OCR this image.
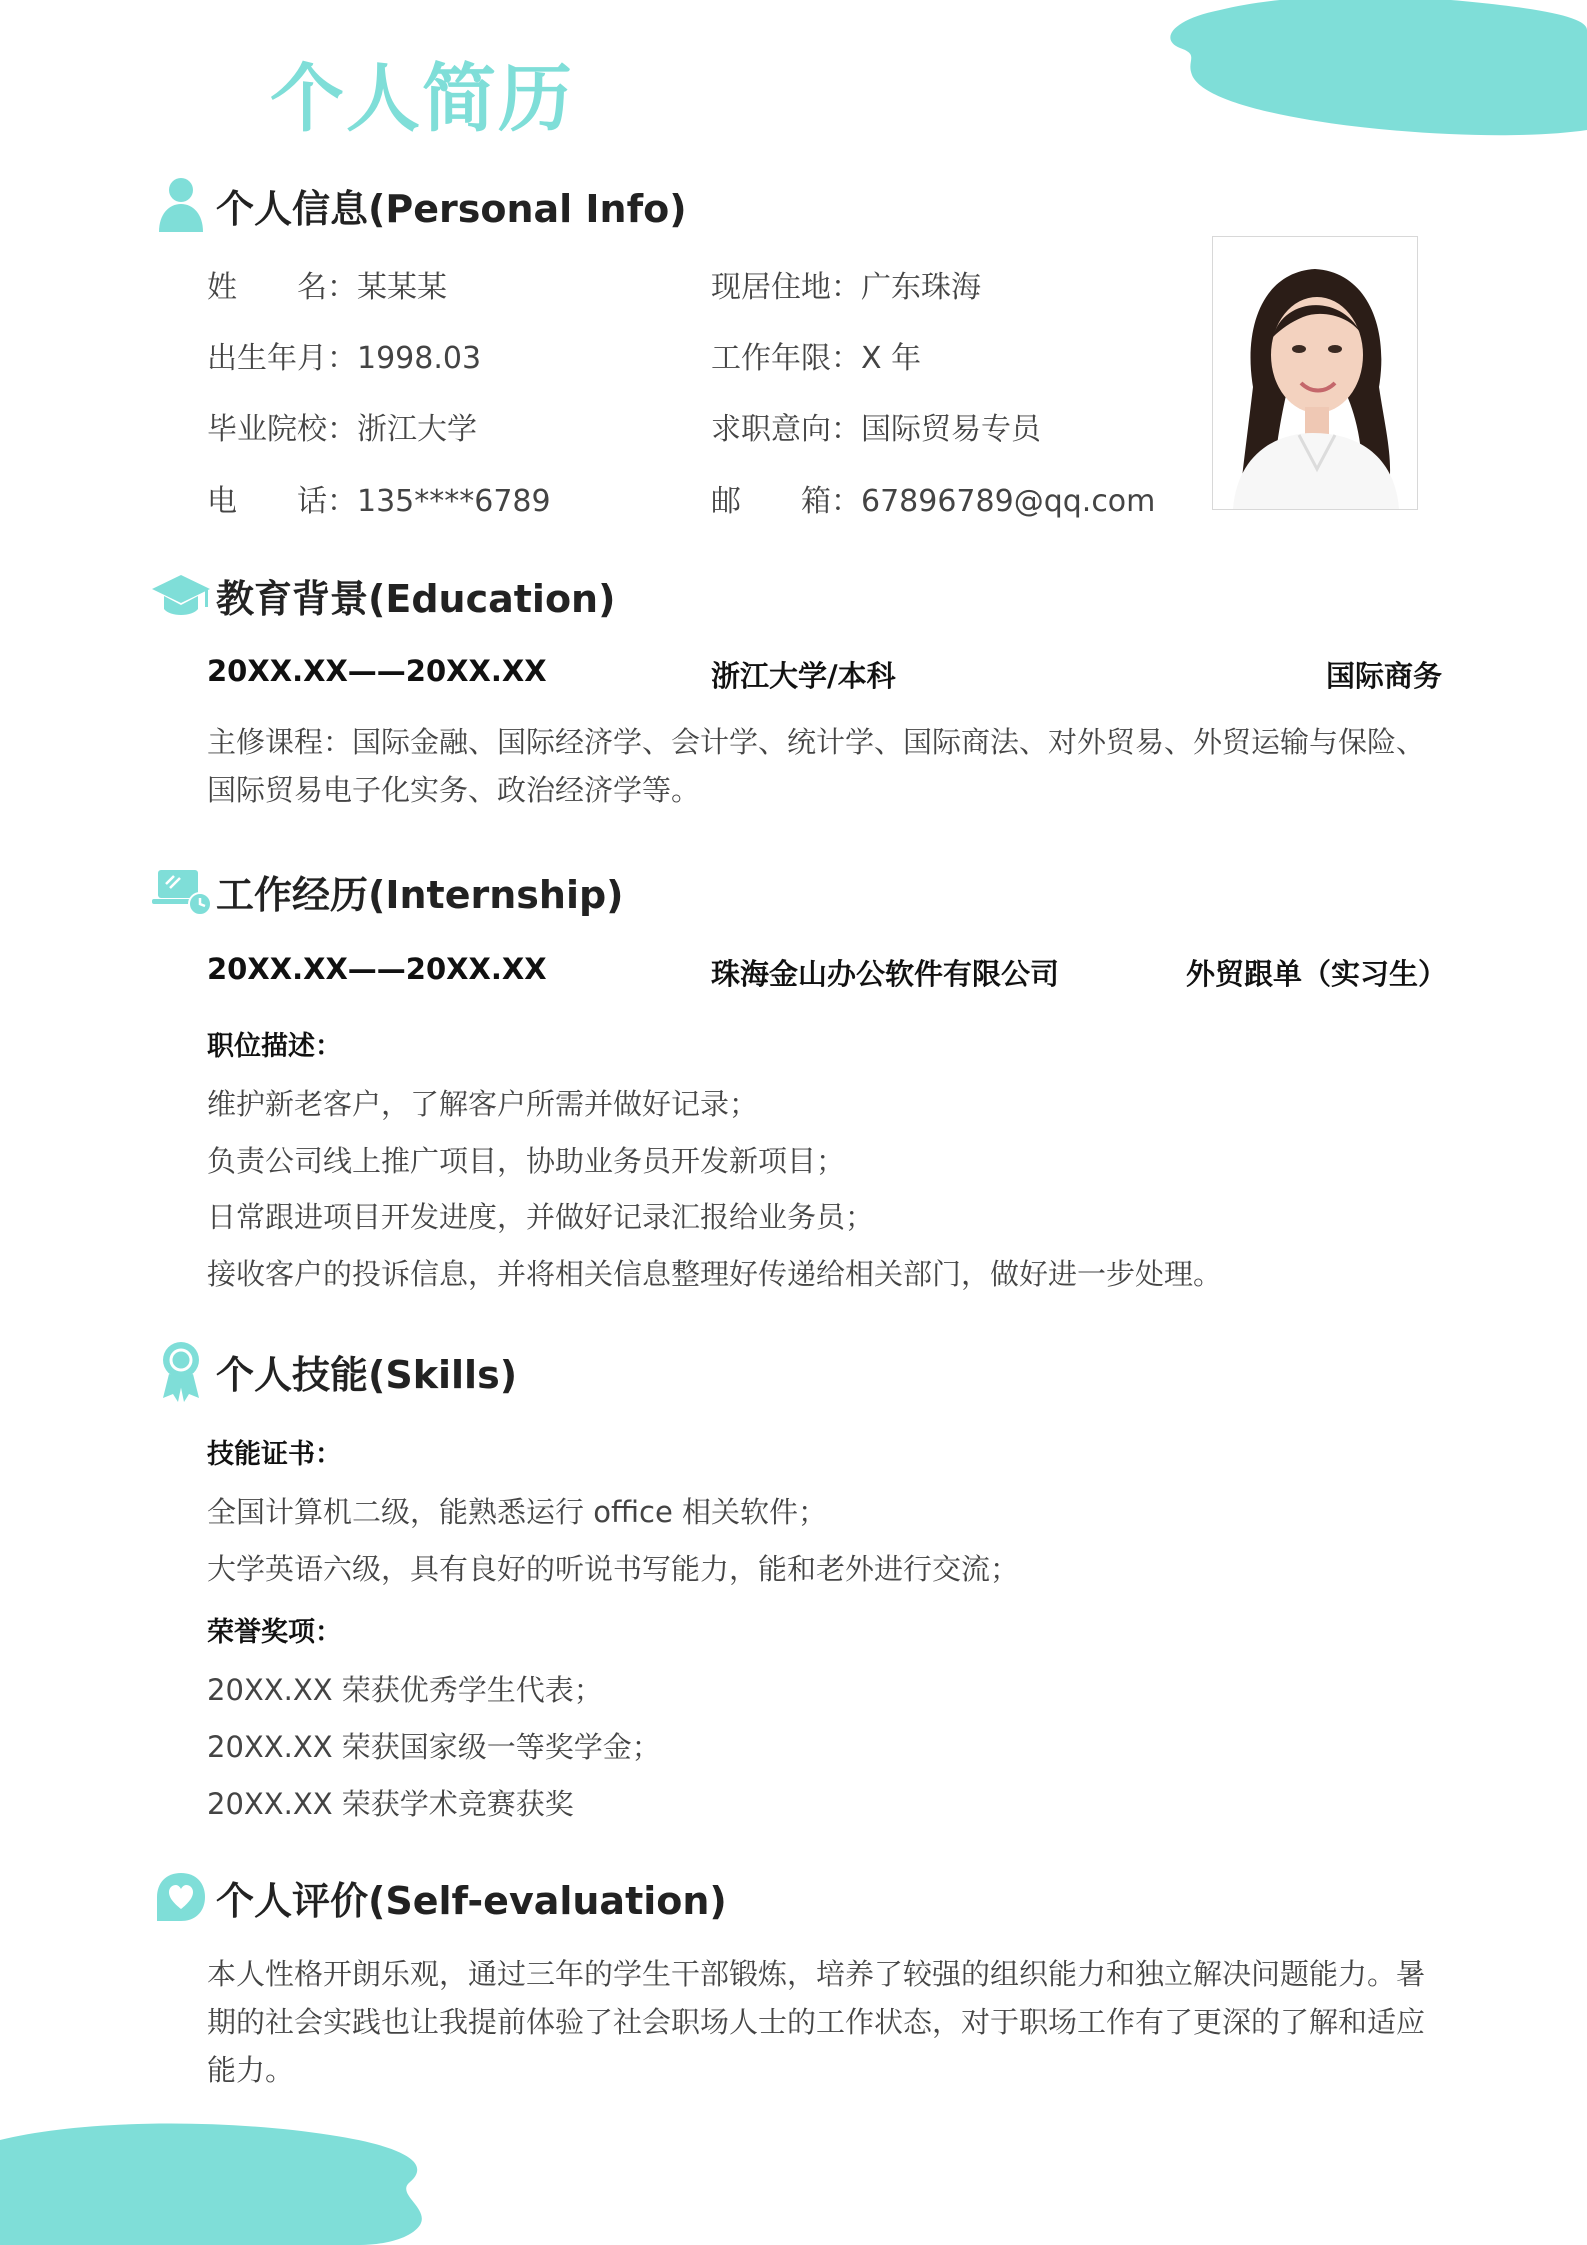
个人简历
个人信息(Personal Info)
姓　　名：某某某
出生年月：1998.03
毕业院校：浙江大学
电　　话：135****6789
现居住地：广东珠海
工作年限：X 年
求职意向：国际贸易专员
邮　　箱：67896789@qq.com
教育背景(Education)
20XX.XX——20XX.XX	浙江大学/本科	国际商务
主修课程：国际金融、国际经济学、会计学、统计学、国际商法、对外贸易、外贸运输与保险、国际贸易电子化实务、政治经济学等。
工作经历(Internship)
20XX.XX——20XX.XX	珠海金山办公软件有限公司	外贸跟单（实习生）
职位描述：
维护新老客户，了解客户所需并做好记录；
负责公司线上推广项目，协助业务员开发新项目；
日常跟进项目开发进度，并做好记录汇报给业务员；
接收客户的投诉信息，并将相关信息整理好传递给相关部门，做好进一步处理。
个人技能(Skills)
技能证书：
全国计算机二级，能熟悉运行 office 相关软件；
大学英语六级，具有良好的听说书写能力，能和老外进行交流；
荣誉奖项：
20XX.XX 荣获优秀学生代表；
20XX.XX 荣获国家级一等奖学金；
20XX.XX 荣获学术竞赛获奖
个人评价(Self-evaluation)
本人性格开朗乐观，通过三年的学生干部锻炼，培养了较强的组织能力和独立解决问题能力。暑期的社会实践也让我提前体验了社会职场人士的工作状态，对于职场工作有了更深的了解和适应能力。
